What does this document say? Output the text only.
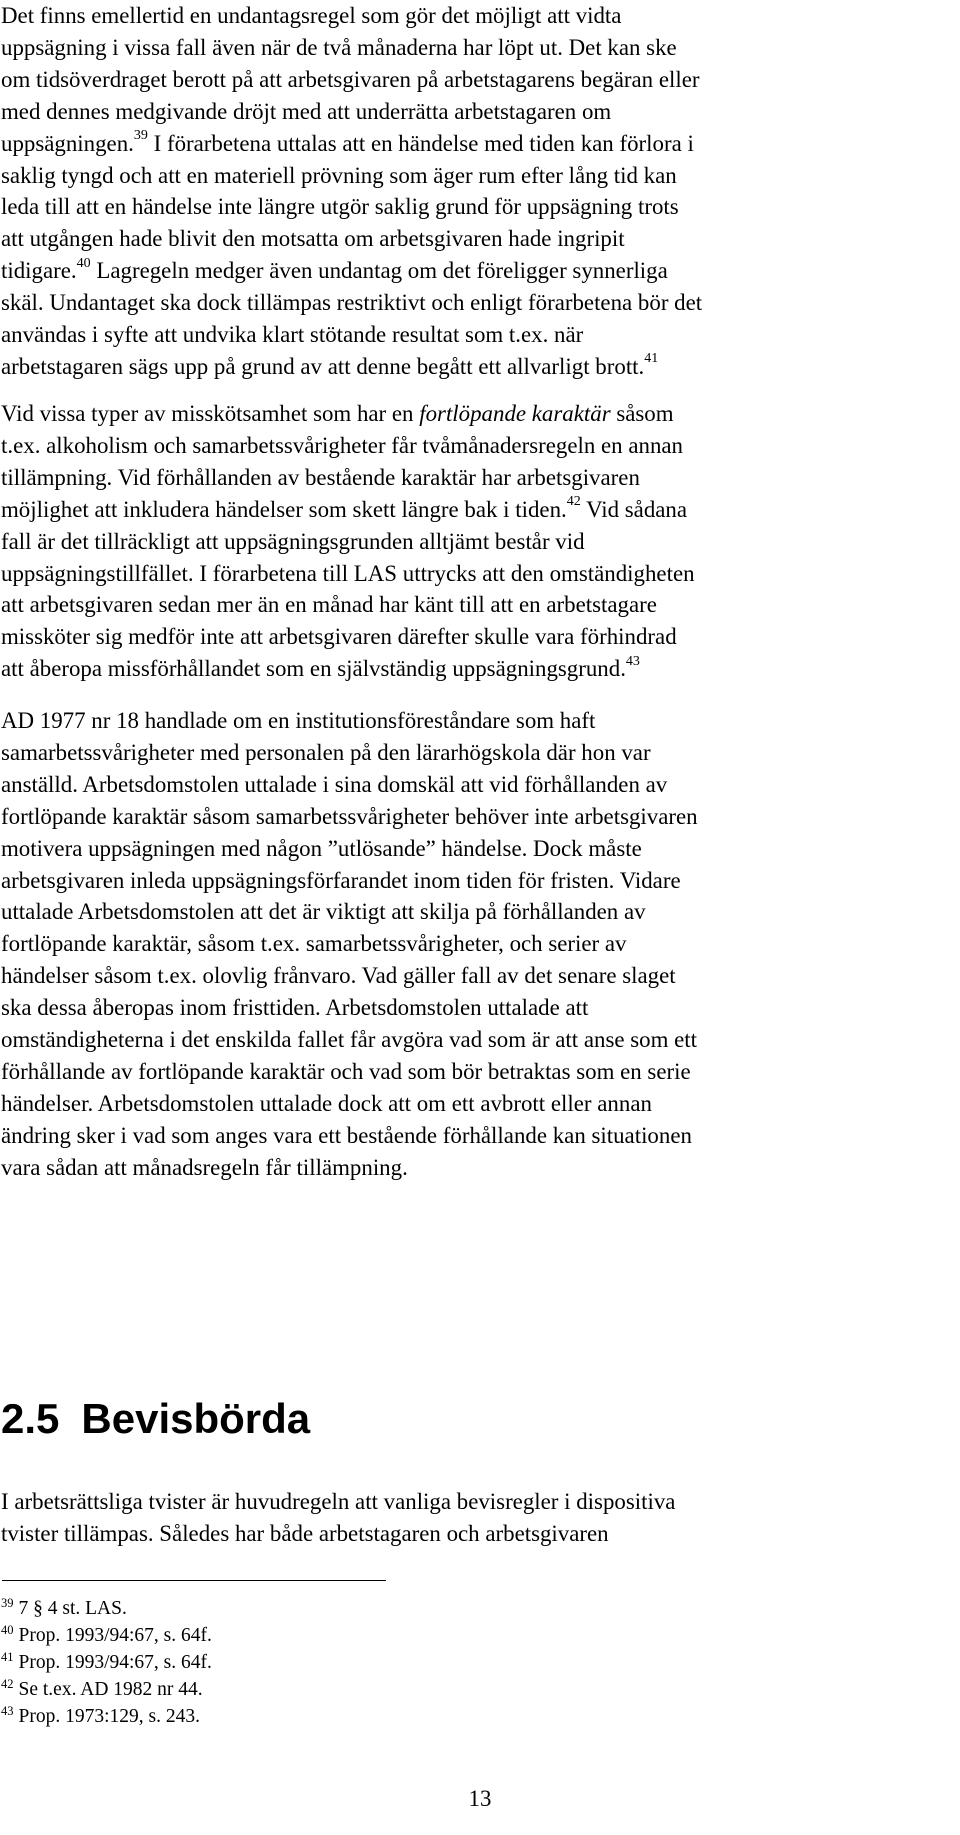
Det finns emellertid en undantagsregel som gör det möjligt att vidta
uppsägning i vissa fall även när de två månaderna har löpt ut. Det kan ske
om tidsöverdraget berott på att arbetsgivaren på arbetstagarens begäran eller
med dennes medgivande dröjt med att underrätta arbetstagaren om
uppsägningen.$^{39}$ I förarbetena uttalas att en händelse med tiden kan förlora i
saklig tyngd och att en materiell prövning som äger rum efter lång tid kan
leda till att en händelse inte längre utgör saklig grund för uppsägning trots
att utgången hade blivit den motsatta om arbetsgivaren hade ingripit
tidigare.$^{40}$ Lagregeln medger även undantag om det föreligger synnerliga
skäl. Undantaget ska dock tillämpas restriktivt och enligt förarbetena bör det
användas i syfte att undvika klart stötande resultat som t.ex. när
arbetstagaren sägs upp på grund av att denne begått ett allvarligt brott.$^{41}$

Vid vissa typer av misskötsamhet som har en fortlöpande karaktär såsom
t.ex. alkoholism och samarbetssvårigheter får tvåmånadersregeln en annan
tillämpning. Vid förhållanden av bestående karaktär har arbetsgivaren
möjlighet att inkludera händelser som skett längre bak i tiden.$^{42}$ Vid sådana
fall är det tillräckligt att uppsägningsgrunden alltjämt består vid
uppsägningstillfället. I förarbetena till LAS uttrycks att den omständigheten
att arbetsgivaren sedan mer än en månad har känt till att en arbetstagare
missköter sig medför inte att arbetsgivaren därefter skulle vara förhindrad
att åberopa missförhållandet som en självständig uppsägningsgrund.$^{43}$

AD 1977 nr 18 handlade om en institutionsföreståndare som haft
samarbetssvårigheter med personalen på den lärarhögskola där hon var
anställd. Arbetsdomstolen uttalade i sina domskäl att vid förhållanden av
fortlöpande karaktär såsom samarbetssvårigheter behöver inte arbetsgivaren
motivera uppsägningen med någon ”utlösande” händelse. Dock måste
arbetsgivaren inleda uppsägningsförfarandet inom tiden för fristen. Vidare
uttalade Arbetsdomstolen att det är viktigt att skilja på förhållanden av
fortlöpande karaktär, såsom t.ex. samarbetssvårigheter, och serier av
händelser såsom t.ex. olovlig frånvaro. Vad gäller fall av det senare slaget
ska dessa åberopas inom fristtiden. Arbetsdomstolen uttalade att
omständigheterna i det enskilda fallet får avgöra vad som är att anse som ett
förhållande av fortlöpande karaktär och vad som bör betraktas som en serie
händelser. Arbetsdomstolen uttalade dock att om ett avbrott eller annan
ändring sker i vad som anges vara ett bestående förhållande kan situationen
vara sådan att månadsregeln får tillämpning.

2.5 Bevisbörda

I arbetsrättsliga tvister är huvudregeln att vanliga bevisregler i dispositiva
tvister tillämpas. Således har både arbetstagaren och arbetsgivaren

$^{39}$ 7 § 4 st. LAS.
$^{40}$ Prop. 1993/94:67, s. 64f.
$^{41}$ Prop. 1993/94:67, s. 64f.
$^{42}$ Se t.ex. AD 1982 nr 44.
$^{43}$ Prop. 1973:129, s. 243.
13
